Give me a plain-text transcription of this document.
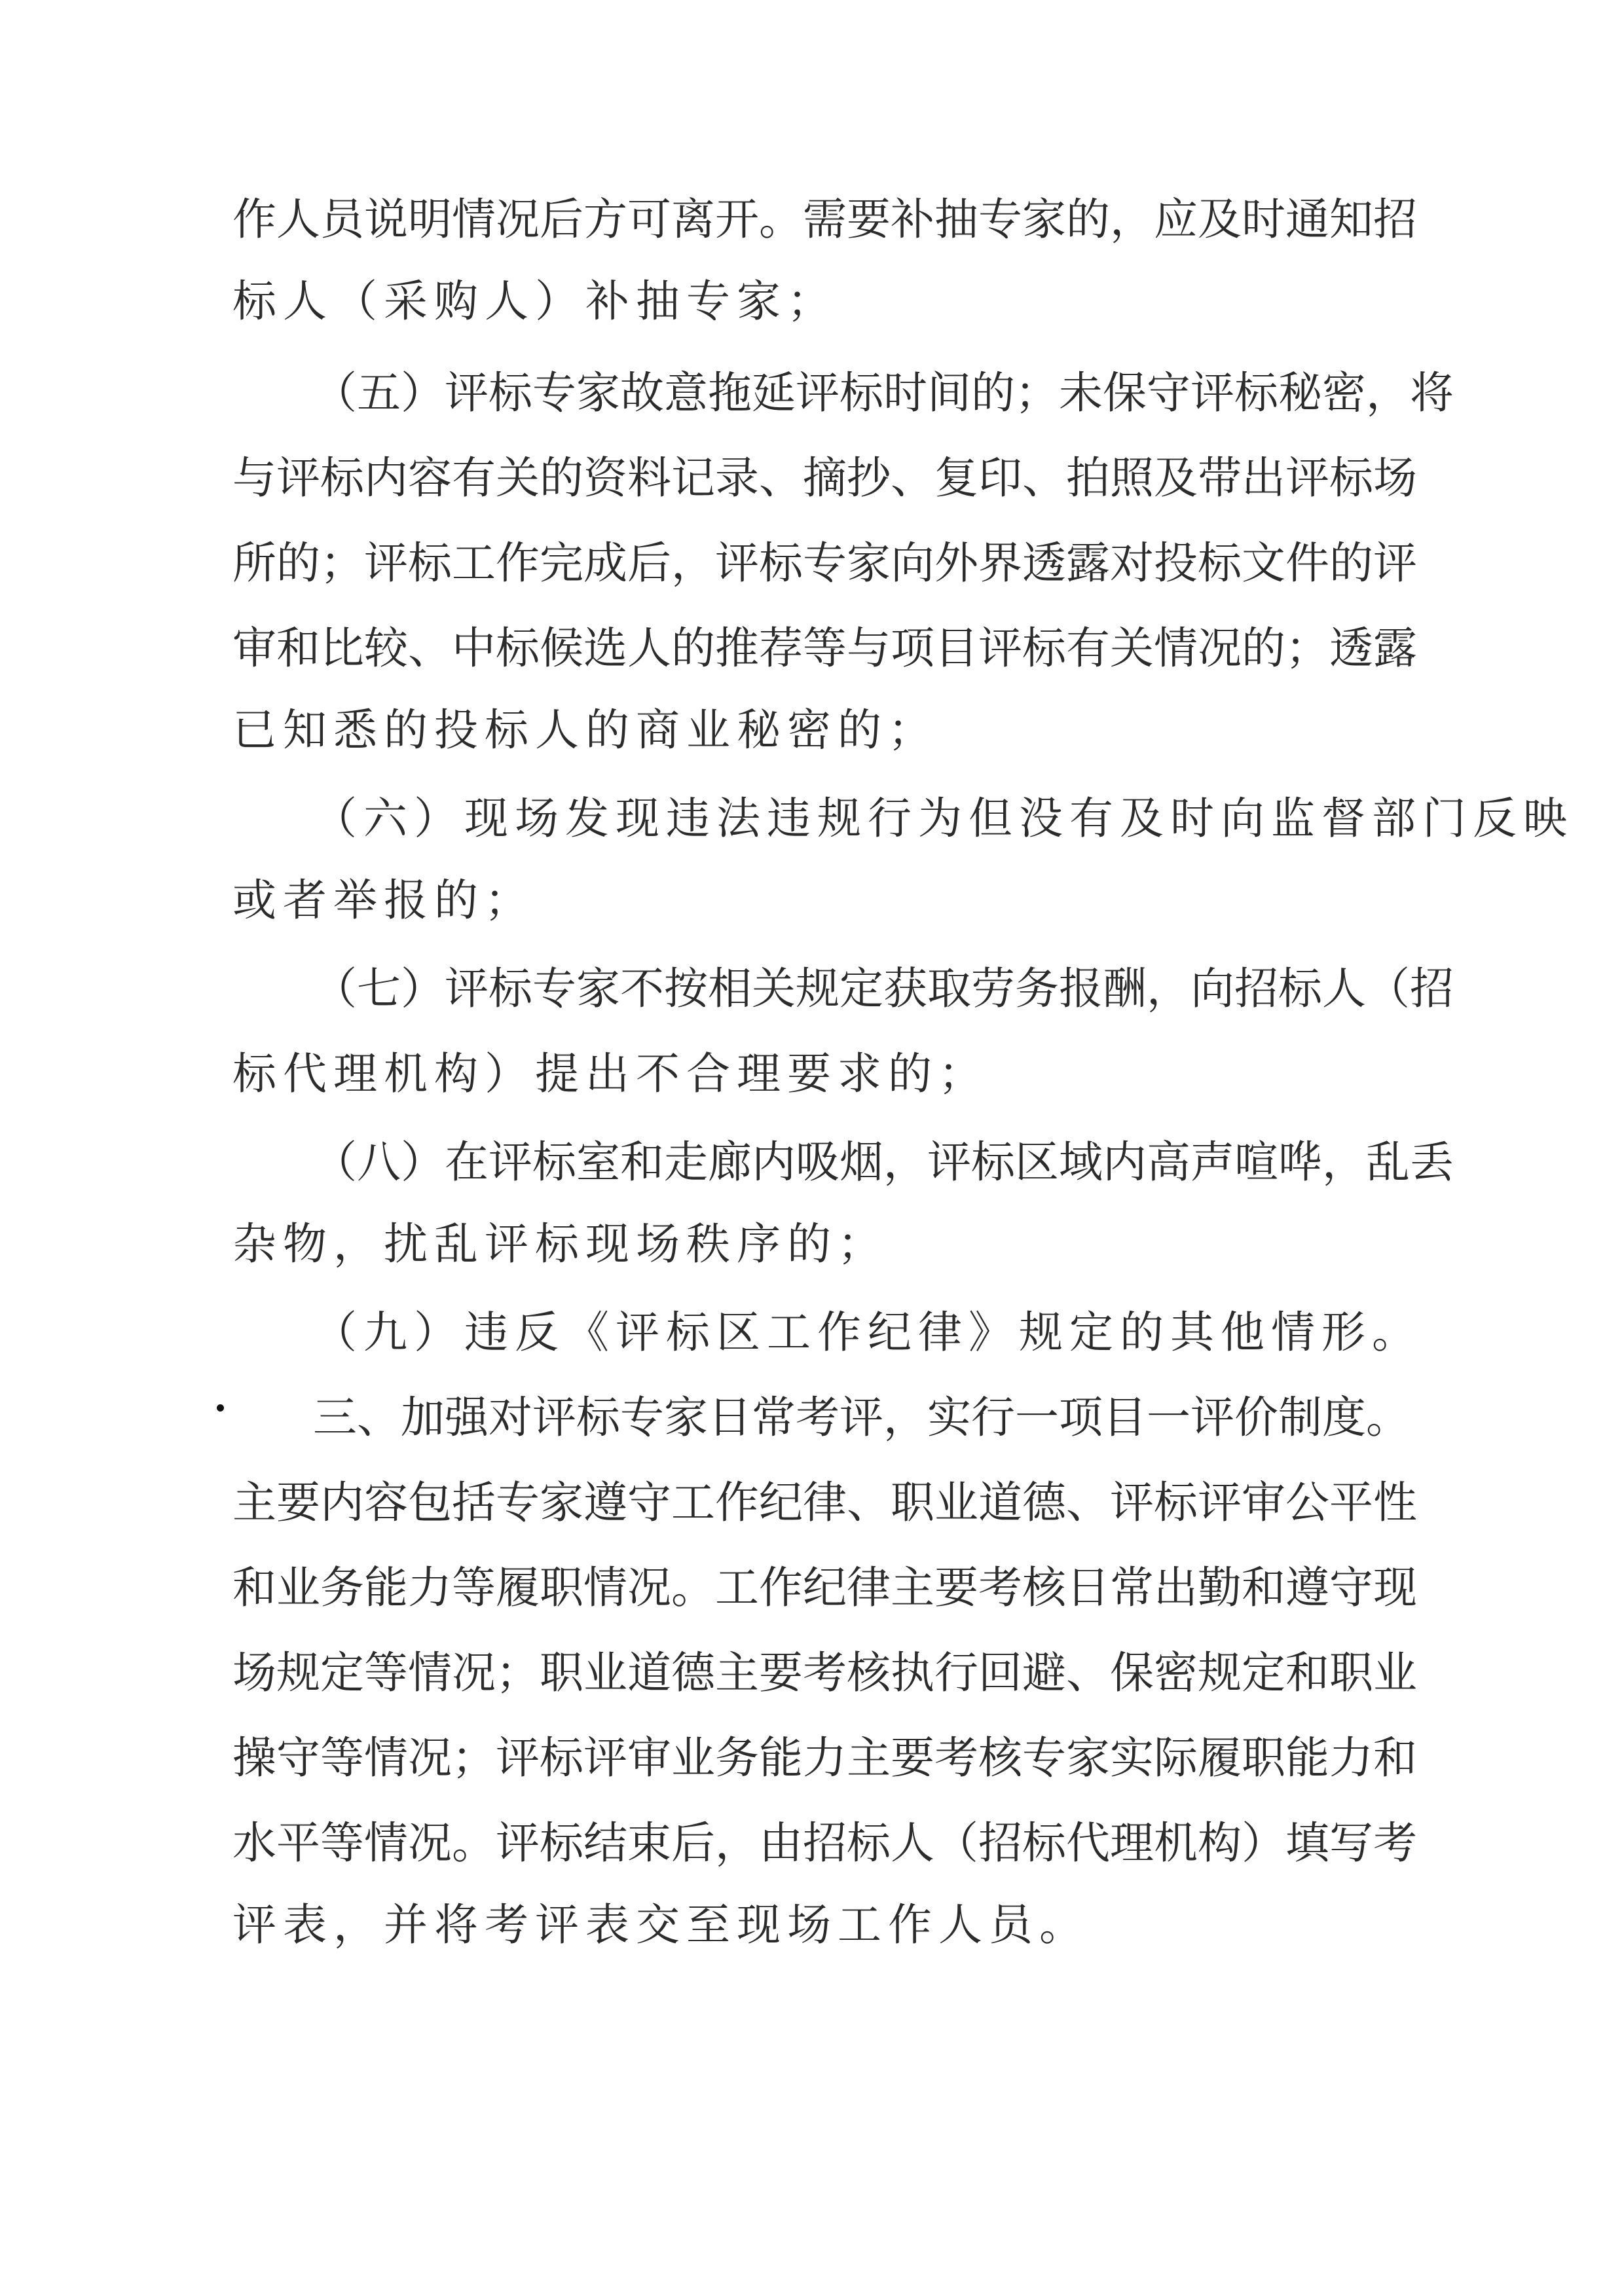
作人员说明情况后方可离开。需要补抽专家的，应及时通知招
标人（采购人）补抽专家；
（五）评标专家故意拖延评标时间的；未保守评标秘密，将
与评标内容有关的资料记录、摘抄、复印、拍照及带出评标场
所的；评标工作完成后，评标专家向外界透露对投标文件的评
审和比较、中标候选人的推荐等与项目评标有关情况的；透露
已知悉的投标人的商业秘密的；
（六）现场发现违法违规行为但没有及时向监督部门反映
或者举报的；
（七）评标专家不按相关规定获取劳务报酬，向招标人（招
标代理机构）提出不合理要求的；
（八）在评标室和走廊内吸烟，评标区域内高声喧哗，乱丢
杂物，扰乱评标现场秩序的；
（九）违反《评标区工作纪律》规定的其他情形。
三、加强对评标专家日常考评，实行一项目一评价制度。
主要内容包括专家遵守工作纪律、职业道德、评标评审公平性
和业务能力等履职情况。工作纪律主要考核日常出勤和遵守现
场规定等情况；职业道德主要考核执行回避、保密规定和职业
操守等情况；评标评审业务能力主要考核专家实际履职能力和
水平等情况。评标结束后，由招标人（招标代理机构）填写考
评表，并将考评表交至现场工作人员。
